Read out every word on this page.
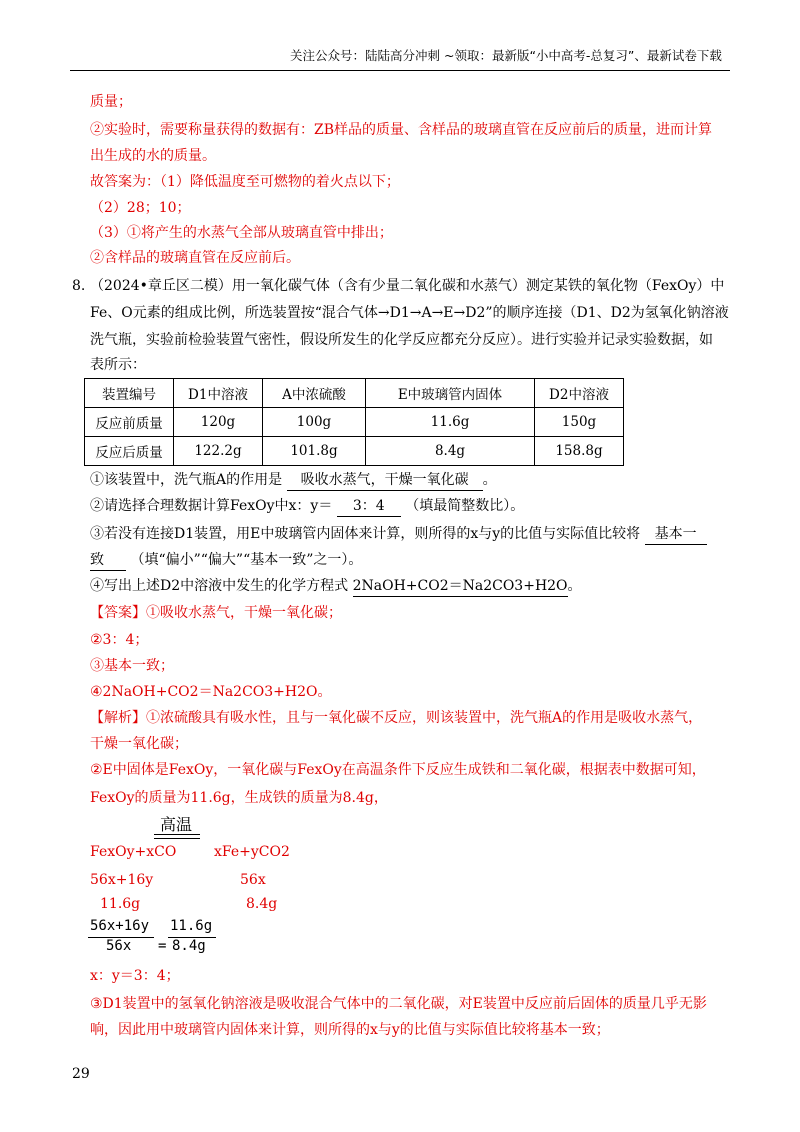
关注公众号：陆陆高分冲刺 ~领取：最新版“小中高考-总复习”、最新试卷下载
质量；
②实验时，需要称量获得的数据有：ZB样品的质量、含样品的玻璃直管在反应前后的质量，进而计算
出生成的水的质量。
故答案为：（1）降低温度至可燃物的着火点以下；
（2）28；10；
（3）①将产生的水蒸气全部从玻璃直管中排出；
②含样品的玻璃直管在反应前后。
8. （2024•章丘区二模）用一氧化碳气体（含有少量二氧化碳和水蒸气）测定某铁的氧化物（FexOy）中
Fe、O元素的组成比例，所选装置按“混合气体→D1→A→E→D2”的顺序连接（D1、D2为氢氧化钠溶液
洗气瓶，实验前检验装置气密性，假设所发生的化学反应都充分反应）。进行实验并记录实验数据，如
表所示：
装置编号	D1中溶液	A中浓硫酸	E中玻璃管内固体	D2中溶液
反应前质量	120g	100g	11.6g	150g
反应后质量	122.2g	101.8g	8.4g	158.8g
①该装置中，洗气瓶A的作用是 吸收水蒸气，干燥一氧化碳 。
②请选择合理数据计算FexOy中x：y＝ 3：4 （填最简整数比）。
③若没有连接D1装置，用E中玻璃管内固体来计算，则所得的x与y的比值与实际值比较将 基本一
致 （填“偏小”“偏大”“基本一致”之一）。
④写出上述D2中溶液中发生的化学方程式 2NaOH+CO2＝Na2CO3+H2O。
【答案】①吸收水蒸气，干燥一氧化碳；
②3：4；
③基本一致；
④2NaOH+CO2＝Na2CO3+H2O。
【解析】①浓硫酸具有吸水性，且与一氧化碳不反应，则该装置中，洗气瓶A的作用是吸收水蒸气，
干燥一氧化碳；
②E中固体是FexOy，一氧化碳与FexOy在高温条件下反应生成铁和二氧化碳，根据表中数据可知，
FexOy的质量为11.6g，生成铁的质量为8.4g，
高温
FexOy+xCO	xFe+yCO2
56x+16y	56x
11.6g	8.4g
56x+16y
56x =
11.6g
8.4g
x：y＝3：4；
③D1装置中的氢氧化钠溶液是吸收混合气体中的二氧化碳，对E装置中反应前后固体的质量几乎无影
响，因此用中玻璃管内固体来计算，则所得的x与y的比值与实际值比较将基本一致；
29
